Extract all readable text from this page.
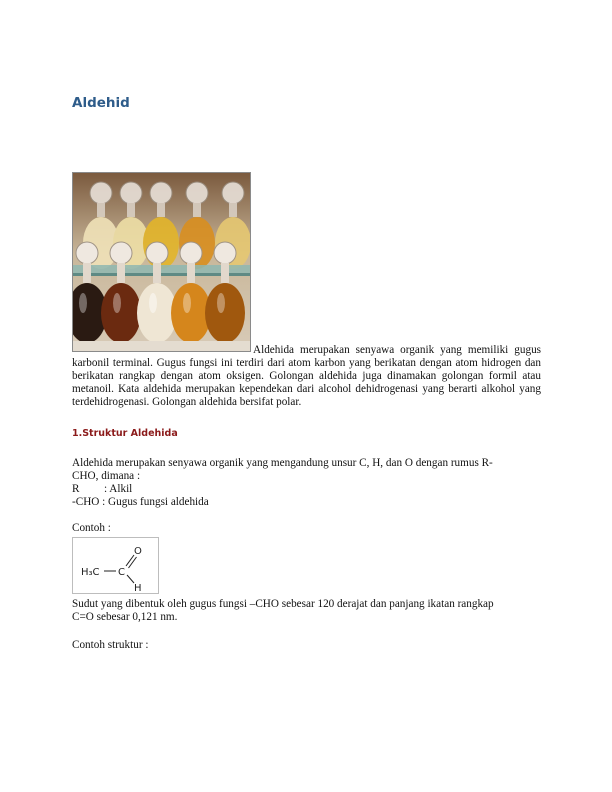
Aldehid

Aldehida merupakan senyawa organik yang memiliki gugus karbonil terminal. Gugus fungsi ini terdiri dari atom karbon yang berikatan dengan atom hidrogen dan berikatan rangkap dengan atom oksigen. Golongan aldehida juga dinamakan golongan formil atau metanoil. Kata aldehida merupakan kependekan dari alcohol dehidrogenasi yang berarti alkohol yang terdehidrogenasi. Golongan aldehida bersifat polar.

1.Struktur Aldehida

Aldehida merupakan senyawa organik yang mengandung unsur C, H, dan O dengan rumus R-
CHO, dimana :
R : Alkil
-CHO : Gugus fungsi aldehida

Contoh :

H₃C C
O
H

Sudut yang dibentuk oleh gugus fungsi –CHO sebesar 120 derajat dan panjang ikatan rangkap
C=O sebesar 0,121 nm.

Contoh struktur :
